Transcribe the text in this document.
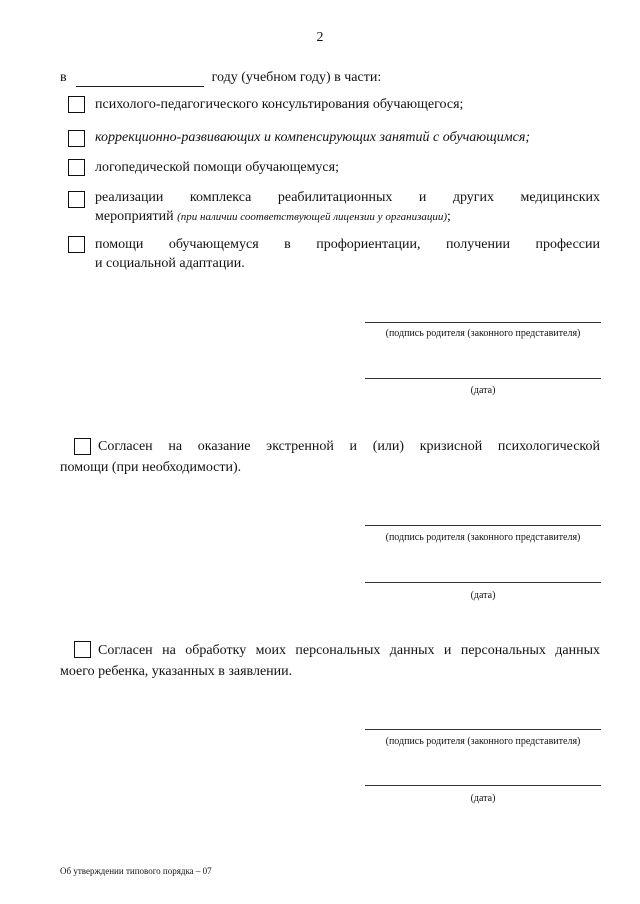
2
в	году (учебном году) в части:
психолого-педагогического консультирования обучающегося;
коррекционно-развивающих и компенсирующих занятий с обучающимся;
логопедической помощи обучающемуся;
реализации комплекса реабилитационных и других медицинских
мероприятий (при наличии соответствующей лицензии у организации);
помощи обучающемуся в профориентации, получении профессии
и социальной адаптации.
(подпись родителя (законного представителя)
(дата)
Согласен на оказание экстренной и (или) кризисной психологической
помощи (при необходимости).
(подпись родителя (законного представителя)
(дата)
Согласен на обработку моих персональных данных и персональных данных
моего ребенка, указанных в заявлении.
(подпись родителя (законного представителя)
(дата)
Об утверждении типового порядка – 07
